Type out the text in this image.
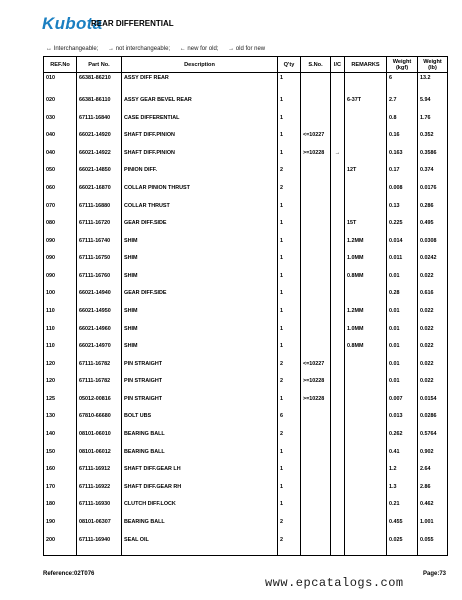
Kubota
REAR DIFFERENTIAL
↔ Interchangeable; → not interchangeable; ← new for old; → old for new
REF.No	Part No.	Description	Q'ty	S.No.	I/C	REMARKS	Weight (kgf)	Weight (lb)
010	66381-86210	ASSY DIFF REAR	1				6	13.2
020	66381-86110	ASSY GEAR BEVEL REAR	1			6-37T	2.7	5.94
030	67111-16840	CASE DIFFERENTIAL	1				0.8	1.76
040	66021-14920	SHAFT DIFF.PINION	1	<=10227			0.16	0.352
040	66021-14922	SHAFT DIFF.PINION	1	>=10228	→		0.163	0.3586
050	66021-14850	PINION DIFF.	2			12T	0.17	0.374
060	66021-16870	COLLAR PINION THRUST	2				0.008	0.0176
070	67111-16880	COLLAR THRUST	1				0.13	0.286
080	67111-16720	GEAR DIFF.SIDE	1			15T	0.225	0.495
090	67111-16740	SHIM	1			1.2MM	0.014	0.0308
090	67111-16750	SHIM	1			1.0MM	0.011	0.0242
090	67111-16760	SHIM	1			0.8MM	0.01	0.022
100	66021-14940	GEAR DIFF.SIDE	1				0.28	0.616
110	66021-14950	SHIM	1			1.2MM	0.01	0.022
110	66021-14960	SHIM	1			1.0MM	0.01	0.022
110	66021-14970	SHIM	1			0.8MM	0.01	0.022
120	67111-16782	PIN STRAIGHT	2	<=10227			0.01	0.022
120	67111-16782	PIN STRAIGHT	2	>=10228			0.01	0.022
125	05012-00816	PIN STRAIGHT	1	>=10228			0.007	0.0154
130	67810-66680	BOLT UBS	6				0.013	0.0286
140	08101-06010	BEARING BALL	2				0.262	0.5764
150	08101-06012	BEARING BALL	1				0.41	0.902
160	67111-16912	SHAFT DIFF.GEAR LH	1				1.2	2.64
170	67111-16922	SHAFT DIFF.GEAR RH	1				1.3	2.86
180	67111-16930	CLUTCH DIFF.LOCK	1				0.21	0.462
190	08101-06307	BEARING BALL	2				0.455	1.001
200	67111-16940	SEAL OIL	2				0.025	0.055

Reference:02T076	Page:73
www.epcatalogs.com
